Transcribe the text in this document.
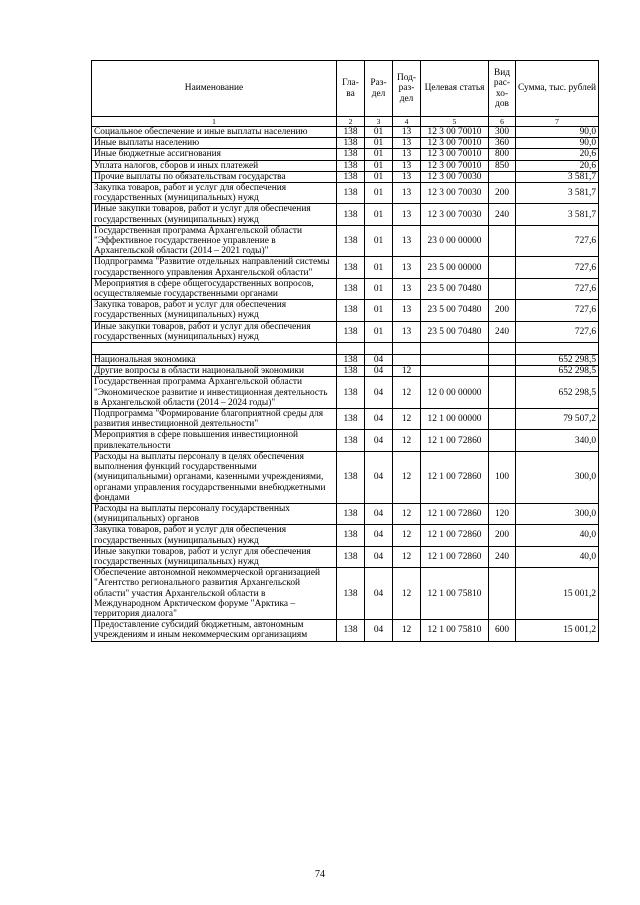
Наименование	Гла-ва	Раз-дел	Под-раз-дел	Целевая статья	Вид рас-хо-дов	Сумма, тыс. рублей
1	2	3	4	5	6	7
Социальное обеспечение и иные выплаты населению	138	01	13	12 3 00 70010	300	90,0
Иные выплаты населению	138	01	13	12 3 00 70010	360	90,0
Иные бюджетные ассигнования	138	01	13	12 3 00 70010	800	20,6
Уплата налогов, сборов и иных платежей	138	01	13	12 3 00 70010	850	20,6
Прочие выплаты по обязательствам государства	138	01	13	12 3 00 70030		3 581,7
Закупка товаров, работ и услуг для обеспечения государственных (муниципальных) нужд	138	01	13	12 3 00 70030	200	3 581,7
Иные закупки товаров, работ и услуг для обеспечения государственных (муниципальных) нужд	138	01	13	12 3 00 70030	240	3 581,7
Государственная программа Архангельской области "Эффективное государственное управление в Архангельской области (2014 – 2021 годы)"	138	01	13	23 0 00 00000		727,6
Подпрограмма "Развитие отдельных направлений системы государственного управления Архангельской области"	138	01	13	23 5 00 00000		727,6
Мероприятия в сфере общегосударственных вопросов, осуществляемые государственными органами	138	01	13	23 5 00 70480		727,6
Закупка товаров, работ и услуг для обеспечения государственных (муниципальных) нужд	138	01	13	23 5 00 70480	200	727,6
Иные закупки товаров, работ и услуг для обеспечения государственных (муниципальных) нужд	138	01	13	23 5 00 70480	240	727,6

Национальная экономика	138	04				652 298,5
Другие вопросы в области национальной экономики	138	04	12			652 298,5
Государственная программа Архангельской области "Экономическое развитие и инвестиционная деятельность в Архангельской области (2014 – 2024 годы)"	138	04	12	12 0 00 00000		652 298,5
Подпрограмма "Формирование благоприятной среды для развития инвестиционной деятельности"	138	04	12	12 1 00 00000		79 507,2
Мероприятия в сфере повышения инвестиционной привлекательности	138	04	12	12 1 00 72860		340,0
Расходы на выплаты персоналу в целях обеспечения выполнения функций государственными (муниципальными) органами, казенными учреждениями, органами управления государственными внебюджетными фондами	138	04	12	12 1 00 72860	100	300,0
Расходы на выплаты персоналу государственных (муниципальных) органов	138	04	12	12 1 00 72860	120	300,0
Закупка товаров, работ и услуг для обеспечения государственных (муниципальных) нужд	138	04	12	12 1 00 72860	200	40,0
Иные закупки товаров, работ и услуг для обеспечения государственных (муниципальных) нужд	138	04	12	12 1 00 72860	240	40,0
Обеспечение автономной некоммерческой организацией "Агентство регионального развития Архангельской области" участия Архангельской области в Международном Арктическом форуме "Арктика – территория диалога"	138	04	12	12 1 00 75810		15 001,2
Предоставление субсидий бюджетным, автономным учреждениям и иным некоммерческим организациям	138	04	12	12 1 00 75810	600	15 001,2
74
